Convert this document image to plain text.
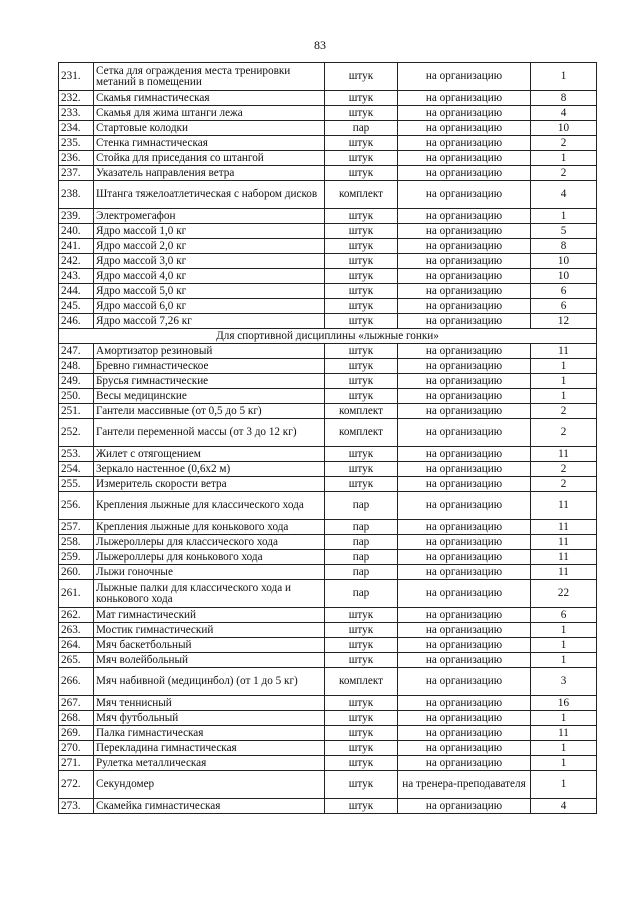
83
231.	Сетка для ограждения места тренировки метаний в помещении	штук	на организацию	1
232.	Скамья гимнастическая	штук	на организацию	8
233.	Скамья для жима штанги лежа	штук	на организацию	4
234.	Стартовые колодки	пар	на организацию	10
235.	Стенка гимнастическая	штук	на организацию	2
236.	Стойка для приседания со штангой	штук	на организацию	1
237.	Указатель направления ветра	штук	на организацию	2
238.	Штанга тяжелоатлетическая с набором дисков	комплект	на организацию	4
239.	Электромегафон	штук	на организацию	1
240.	Ядро массой 1,0 кг	штук	на организацию	5
241.	Ядро массой 2,0 кг	штук	на организацию	8
242.	Ядро массой 3,0 кг	штук	на организацию	10
243.	Ядро массой 4,0 кг	штук	на организацию	10
244.	Ядро массой 5,0 кг	штук	на организацию	6
245.	Ядро массой 6,0 кг	штук	на организацию	6
246.	Ядро массой 7,26 кг	штук	на организацию	12
Для спортивной дисциплины «лыжные гонки»				
247.	Амортизатор резиновый	штук	на организацию	11
248.	Бревно гимнастическое	штук	на организацию	1
249.	Брусья гимнастические	штук	на организацию	1
250.	Весы медицинские	штук	на организацию	1
251.	Гантели массивные (от 0,5 до 5 кг)	комплект	на организацию	2
252.	Гантели переменной массы (от 3 до 12 кг)	комплект	на организацию	2
253.	Жилет с отягощением	штук	на организацию	11
254.	Зеркало настенное (0,6x2 м)	штук	на организацию	2
255.	Измеритель скорости ветра	штук	на организацию	2
256.	Крепления лыжные для классического хода	пар	на организацию	11
257.	Крепления лыжные для конькового хода	пар	на организацию	11
258.	Лыжероллеры для классического хода	пар	на организацию	11
259.	Лыжероллеры для конькового хода	пар	на организацию	11
260.	Лыжи гоночные	пар	на организацию	11
261.	Лыжные палки для классического хода и конькового хода	пар	на организацию	22
262.	Мат гимнастический	штук	на организацию	6
263.	Мостик гимнастический	штук	на организацию	1
264.	Мяч баскетбольный	штук	на организацию	1
265.	Мяч волейбольный	штук	на организацию	1
266.	Мяч набивной (медицинбол) (от 1 до 5 кг)	комплект	на организацию	3
267.	Мяч теннисный	штук	на организацию	16
268.	Мяч футбольный	штук	на организацию	1
269.	Палка гимнастическая	штук	на организацию	11
270.	Перекладина гимнастическая	штук	на организацию	1
271.	Рулетка металлическая	штук	на организацию	1
272.	Секундомер	штук	на тренера-преподавателя	1
273.	Скамейка гимнастическая	штук	на организацию	4
